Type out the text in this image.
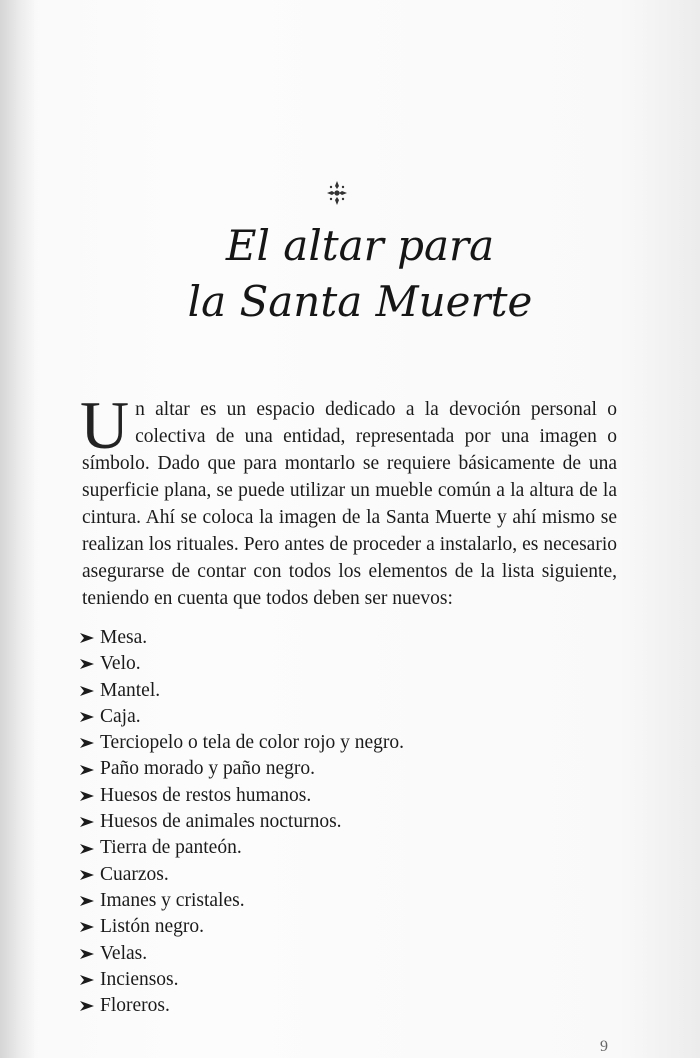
El altar para
la Santa Muerte

Un altar es un espacio dedicado a la devoción personal o colectiva de una entidad, representada por una imagen o símbolo. Dado que para montarlo se requiere básicamente de una superficie plana, se puede utilizar un mueble común a la altura de la cintura. Ahí se coloca la imagen de la Santa Muerte y ahí mismo se realizan los rituales. Pero antes de proceder a instalarlo, es necesario asegurarse de contar con todos los elementos de la lista siguiente, teniendo en cuenta que todos deben ser nuevos:

Mesa.
Velo.
Mantel.
Caja.
Terciopelo o tela de color rojo y negro.
Paño morado y paño negro.
Huesos de restos humanos.
Huesos de animales nocturnos.
Tierra de panteón.
Cuarzos.
Imanes y cristales.
Listón negro.
Velas.
Inciensos.
Floreros.
9
